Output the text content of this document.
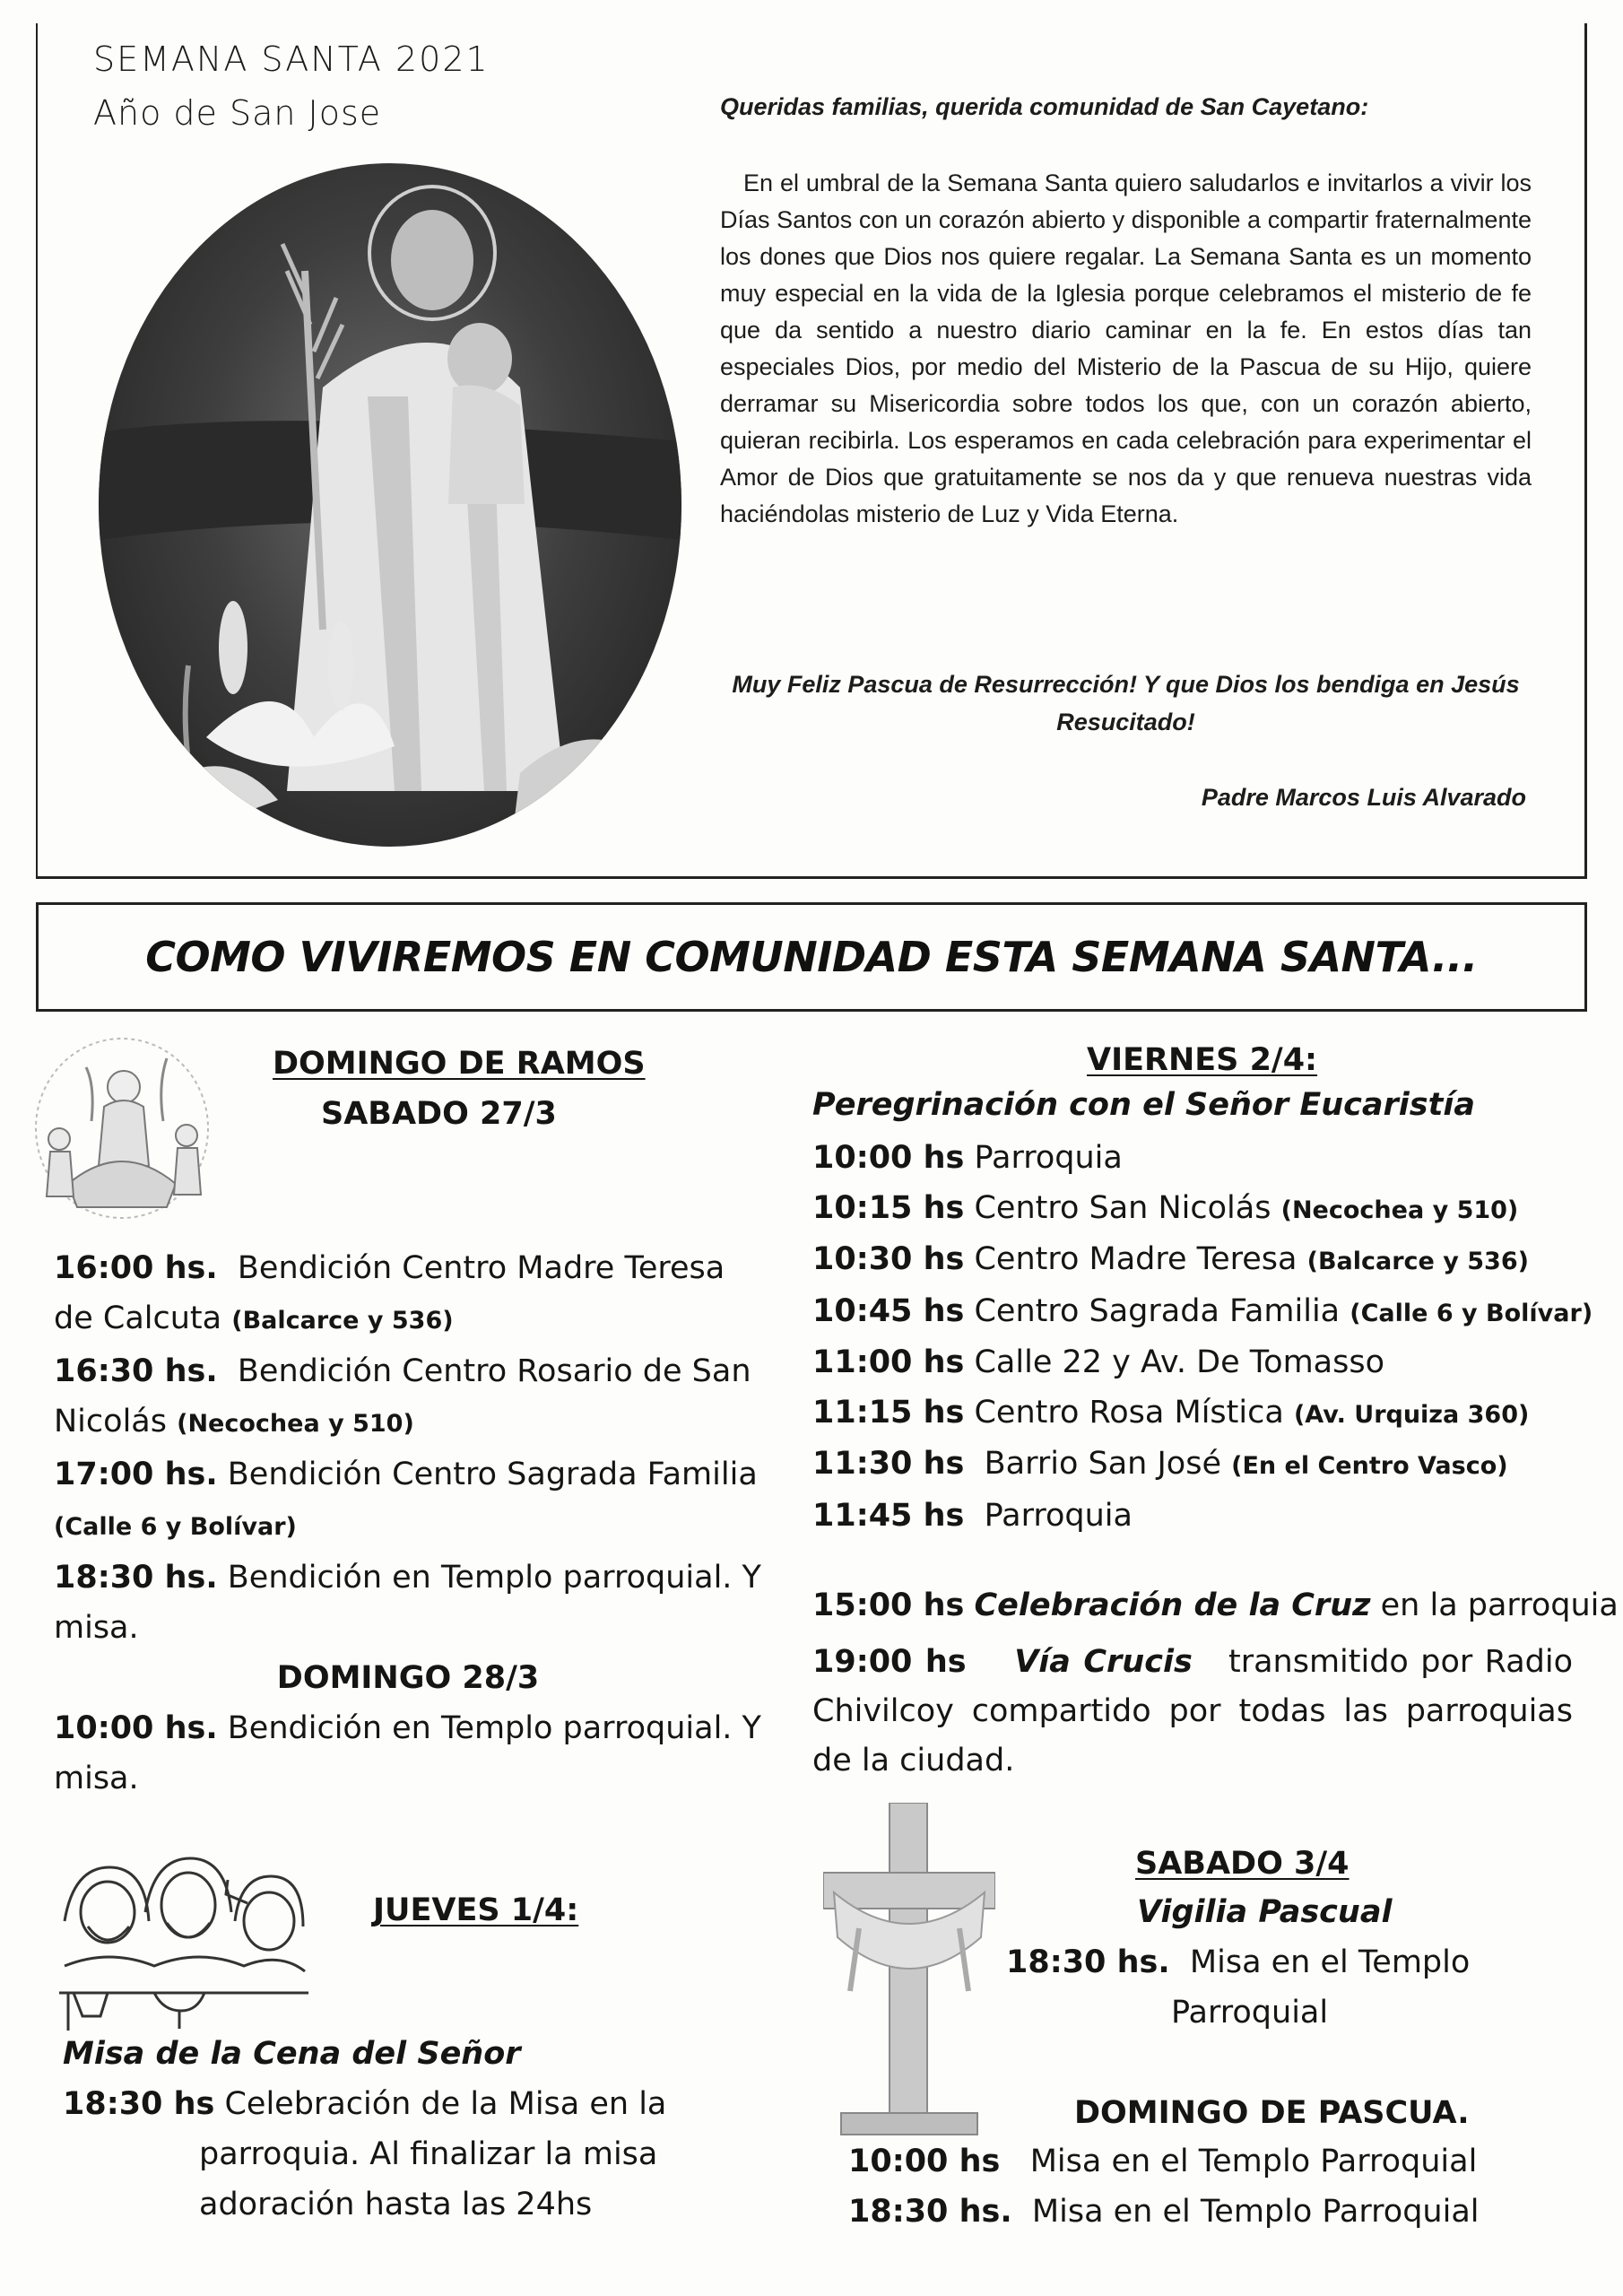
SEMANA SANTA 2021
Año de San Jose	Queridas familias, querida comunidad de San Cayetano:

En el umbral de la Semana Santa quiero saludarlos e invitarlos a vivir los Días Santos con un corazón abierto y disponible a compartir fraternalmente los dones que Dios nos quiere regalar. La Semana Santa es un momento muy especial en la vida de la Iglesia porque celebramos el misterio de fe que da sentido a nuestro diario caminar en la fe. En estos días tan especiales Dios, por medio del Misterio de la Pascua de su Hijo, quiere derramar su Misericordia sobre todos los que, con un corazón abierto, quieran recibirla. Los esperamos en cada celebración para experimentar el Amor de Dios que gratuitamente se nos da y que renueva nuestras vida haciéndolas misterio de Luz y Vida Eterna.

Muy Feliz Pascua de Resurrección! Y que Dios los bendiga en Jesús Resucitado!

Padre Marcos Luis Alvarado
COMO VIVIREMOS EN COMUNIDAD ESTA SEMANA SANTA...
DOMINGO DE RAMOS
SABADO 27/3

16:00 hs. Bendición Centro Madre Teresa de Calcuta (Balcarce y 536)

16:30 hs. Bendición Centro Rosario de San Nicolás (Necochea y 510)

17:00 hs. Bendición Centro Sagrada Familia (Calle 6 y Bolívar)

18:30 hs. Bendición en Templo parroquial. Y misa.

DOMINGO 28/3

10:00 hs. Bendición en Templo parroquial. Y misa.

JUEVES 1/4:
Misa de la Cena del Señor
18:30 hs Celebración de la Misa en la
parroquia. Al finalizar la misa
adoración hasta las 24hs
VIERNES 2/4:
Peregrinación con el Señor Eucaristía
10:00 hs Parroquia
10:15 hs Centro San Nicolás (Necochea y 510)
10:30 hs Centro Madre Teresa (Balcarce y 536)
10:45 hs Centro Sagrada Familia (Calle 6 y Bolívar)
11:00 hs Calle 22 y Av. De Tomasso
11:15 hs Centro Rosa Mística (Av. Urquiza 360)
11:30 hs Barrio San José (En el Centro Vasco)
11:45 hs Parroquia
15:00 hs Celebración de la Cruz en la parroquia

19:00 hs Vía Crucis transmitido por Radio Chivilcoy compartido por todas las parroquias de la ciudad.

SABADO 3/4
Vigilia Pascual
18:30 hs. Misa en el Templo
Parroquial
DOMINGO DE PASCUA.
10:00 hs Misa en el Templo Parroquial
18:30 hs. Misa en el Templo Parroquial
